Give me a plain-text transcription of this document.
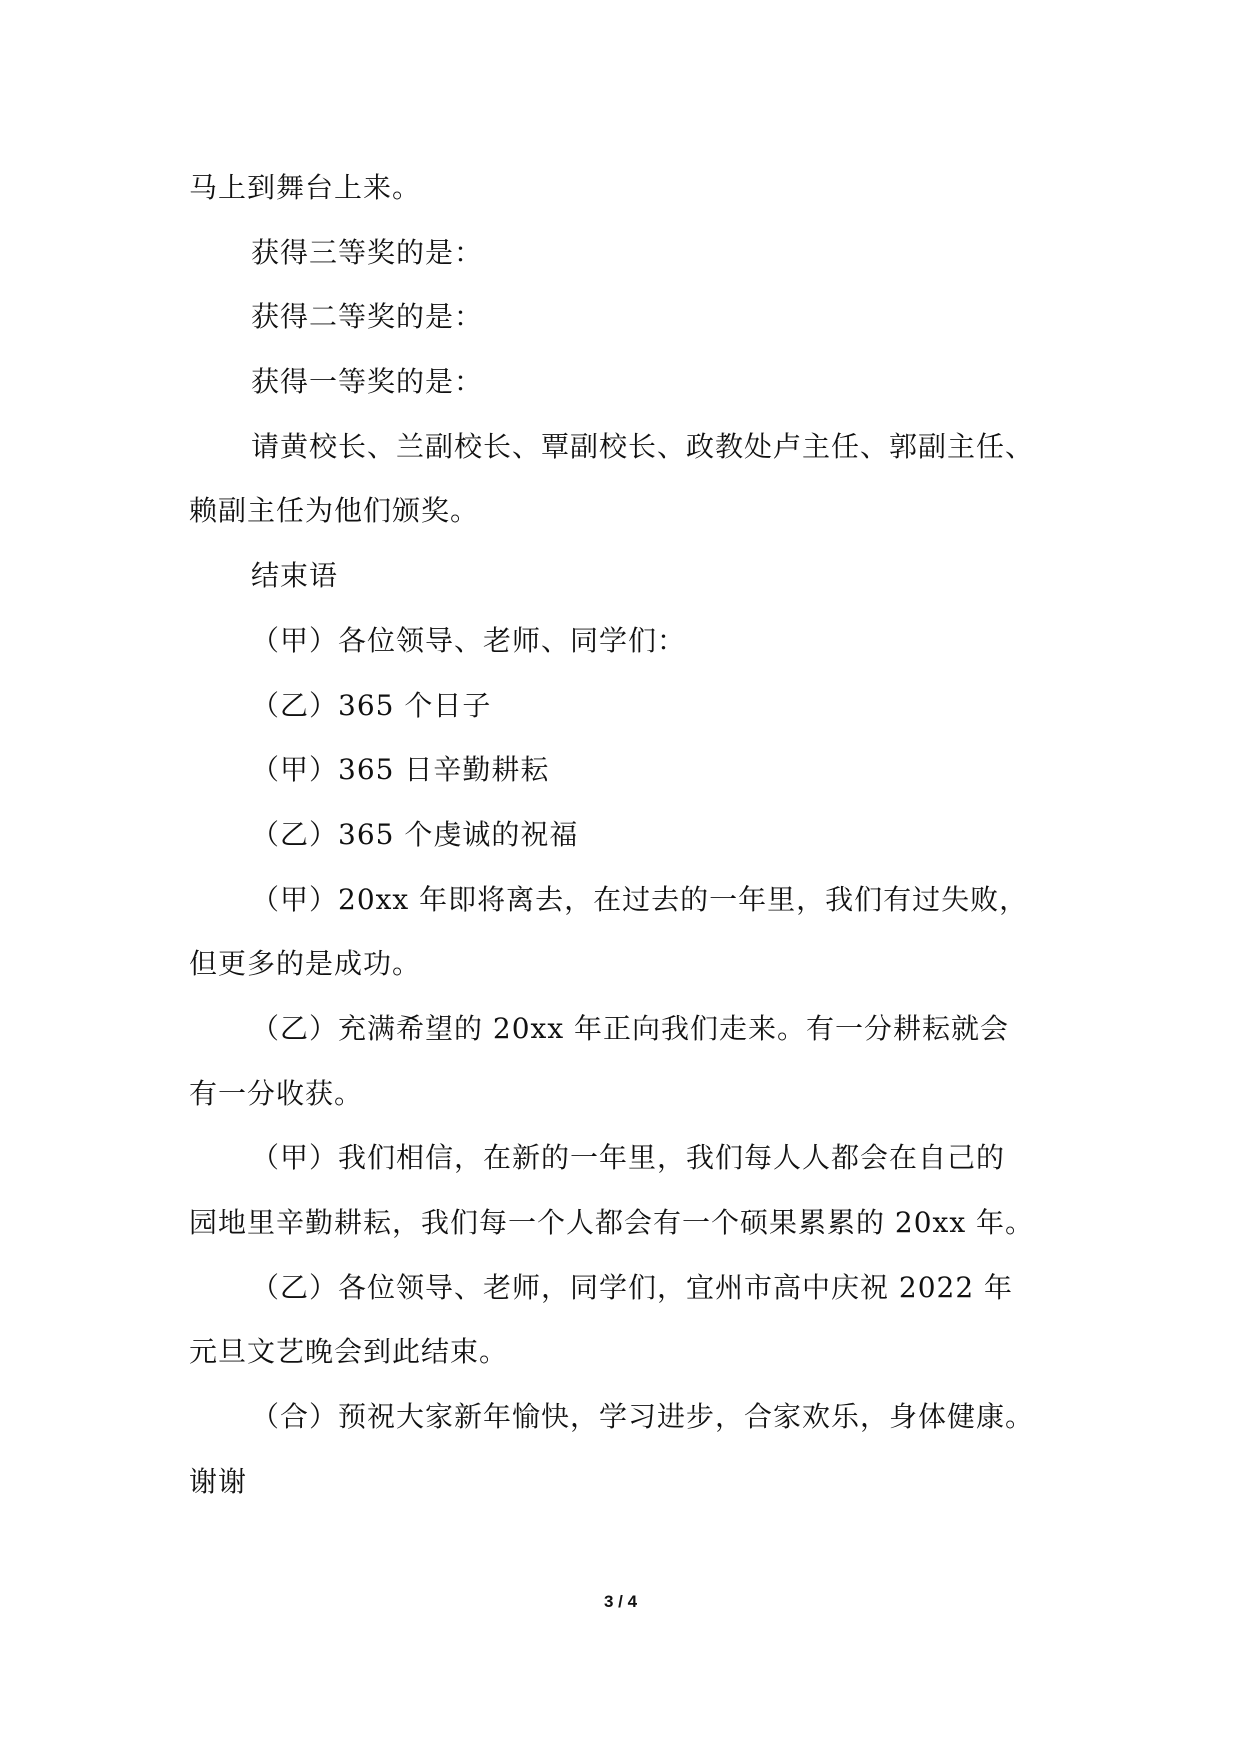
马上到舞台上来。
获得三等奖的是：
获得二等奖的是：
获得一等奖的是：
请黄校长、兰副校长、覃副校长、政教处卢主任、郭副主任、
赖副主任为他们颁奖。
结束语
（甲）各位领导、老师、同学们：
（乙）365 个日子
（甲）365 日辛勤耕耘
（乙）365 个虔诚的祝福
（甲）20xx 年即将离去，在过去的一年里，我们有过失败，
但更多的是成功。
（乙）充满希望的 20xx 年正向我们走来。有一分耕耘就会
有一分收获。
（甲）我们相信，在新的一年里，我们每人人都会在自己的
园地里辛勤耕耘，我们每一个人都会有一个硕果累累的 20xx 年。
（乙）各位领导、老师，同学们，宜州市高中庆祝 2022 年
元旦文艺晚会到此结束。
（合）预祝大家新年愉快，学习进步，合家欢乐，身体健康。
谢谢
3 / 4
